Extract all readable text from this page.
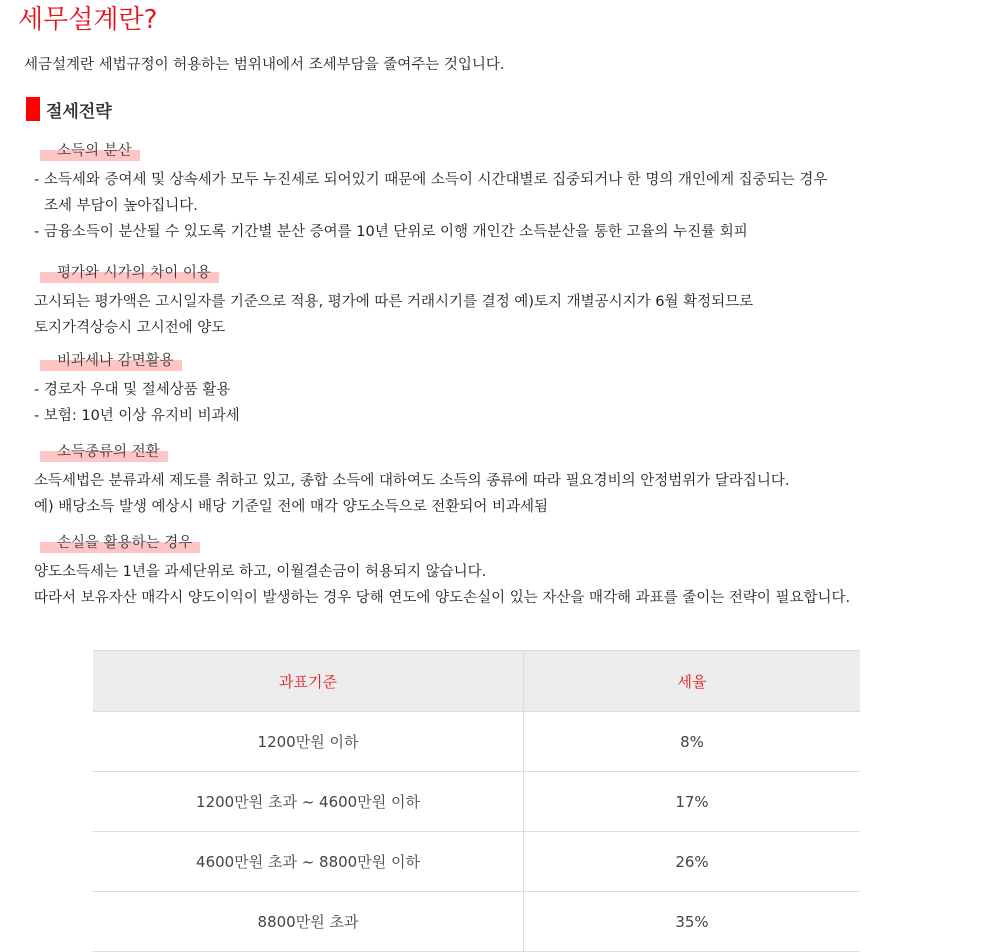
세무설계란?

세금설계란 세법규정이 허용하는 범위내에서 조세부담을 줄여주는 것입니다.

절세전략
소득의 분산
- 소득세와 증여세 및 상속세가 모두 누진세로 되어있기 때문에 소득이 시간대별로 집중되거나 한 명의 개인에게 집중되는 경우
조세 부담이 높아집니다.
- 금융소득이 분산될 수 있도록 기간별 분산 증여를 10년 단위로 이행 개인간 소득분산을 통한 고율의 누진률 회피
평가와 시가의 차이 이용
고시되는 평가액은 고시일자를 기준으로 적용, 평가에 따른 거래시기를 결정 예)토지 개별공시지가 6월 확정되므로
토지가격상승시 고시전에 양도
비과세나 감면활용
- 경로자 우대 및 절세상품 활용
- 보험: 10년 이상 유지비 비과세
소득종류의 전환
소득세법은 분류과세 제도를 취하고 있고, 종합 소득에 대하여도 소득의 종류에 따라 필요경비의 안정범위가 달라집니다.
예) 배당소득 발생 예상시 배당 기준일 전에 매각 양도소득으로 전환되어 비과세됨
손실을 활용하는 경우
양도소득세는 1년을 과세단위로 하고, 이월결손금이 허용되지 않습니다.
따라서 보유자산 매각시 양도이익이 발생하는 경우 당해 연도에 양도손실이 있는 자산을 매각해 과표를 줄이는 전략이 필요합니다.
과표기준	세율
1200만원 이하	8%
1200만원 초과 ~ 4600만원 이하	17%
4600만원 초과 ~ 8800만원 이하	26%
8800만원 초과	35%
